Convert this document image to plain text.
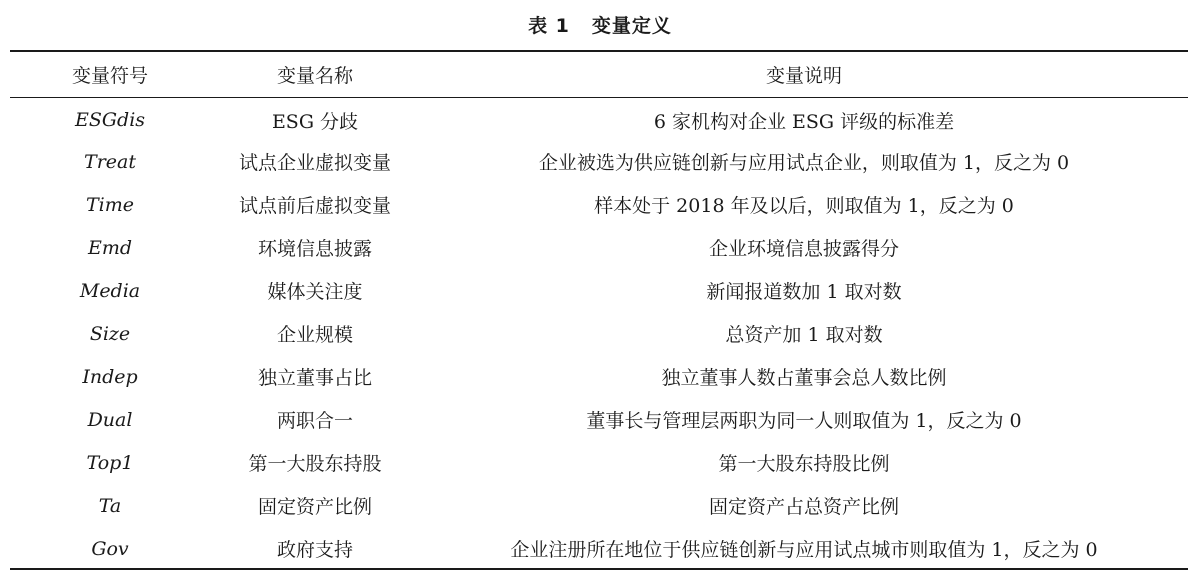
表 1 变量定义
变量符号	变量名称	变量说明
ESGdis	ESG 分歧	6 家机构对企业 ESG 评级的标准差
Treat	试点企业虚拟变量	企业被选为供应链创新与应用试点企业，则取值为 1，反之为 0
Time	试点前后虚拟变量	样本处于 2018 年及以后，则取值为 1，反之为 0
Emd	环境信息披露	企业环境信息披露得分
Media	媒体关注度	新闻报道数加 1 取对数
Size	企业规模	总资产加 1 取对数
Indep	独立董事占比	独立董事人数占董事会总人数比例
Dual	两职合一	董事长与管理层两职为同一人则取值为 1，反之为 0
Top1	第一大股东持股	第一大股东持股比例
Ta	固定资产比例	固定资产占总资产比例
Gov	政府支持	企业注册所在地位于供应链创新与应用试点城市则取值为 1，反之为 0
